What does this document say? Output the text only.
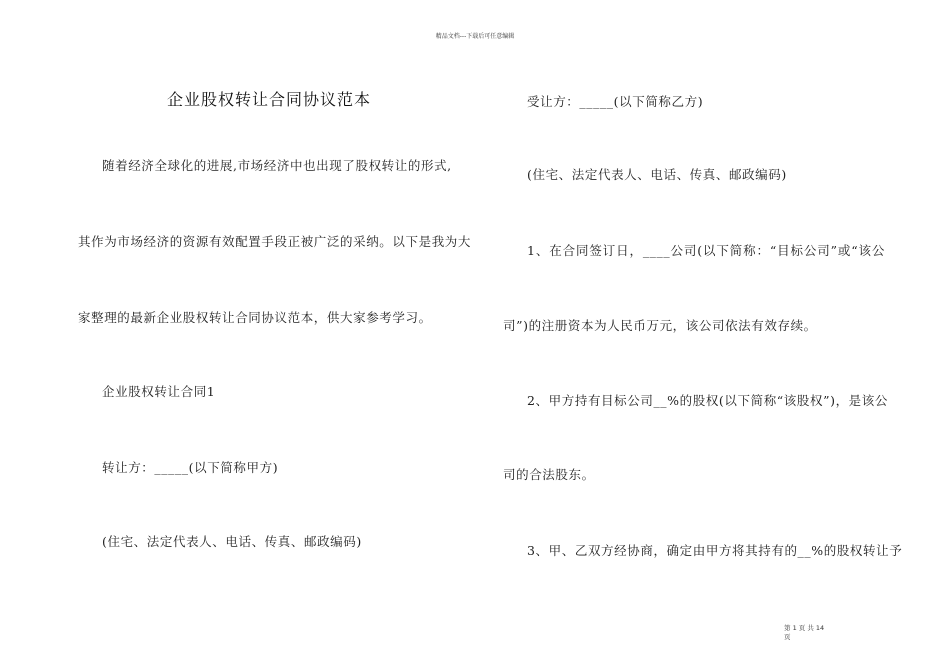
精品文档---下载后可任意编辑
企业股权转让合同协议范本
随着经济全球化的进展,市场经济中也出现了股权转让的形式,
其作为市场经济的资源有效配置手段正被广泛的采纳。以下是我为大
家整理的最新企业股权转让合同协议范本，供大家参考学习。
企业股权转让合同1
转让方：_____(以下简称甲方)
(住宅、法定代表人、电话、传真、邮政编码)
受让方：_____(以下简称乙方)
(住宅、法定代表人、电话、传真、邮政编码)
1、在合同签订日，____公司(以下简称：“目标公司”或“该公
司”)的注册资本为人民币万元，该公司依法有效存续。
2、甲方持有目标公司__%的股权(以下简称“该股权”)，是该公
司的合法股东。
3、甲、乙双方经协商，确定由甲方将其持有的__%的股权转让予
第 1 页 共 14
页
